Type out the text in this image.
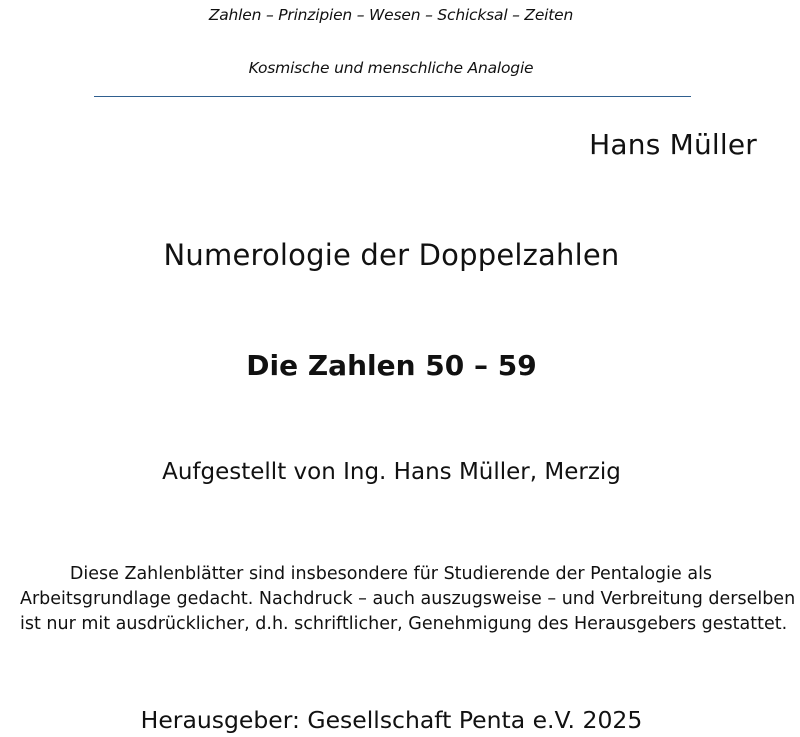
Zahlen – Prinzipien – Wesen – Schicksal – Zeiten
Kosmische und menschliche Analogie
Hans Müller
Numerologie der Doppelzahlen
Die Zahlen 50 – 59
Aufgestellt von Ing. Hans Müller, Merzig
Diese Zahlenblätter sind insbesondere für Studierende der Pentalogie als
Arbeitsgrundlage gedacht. Nachdruck – auch auszugsweise – und Verbreitung derselben
ist nur mit ausdrücklicher, d.h. schriftlicher, Genehmigung des Herausgebers gestattet.
Herausgeber: Gesellschaft Penta e.V. 2025
